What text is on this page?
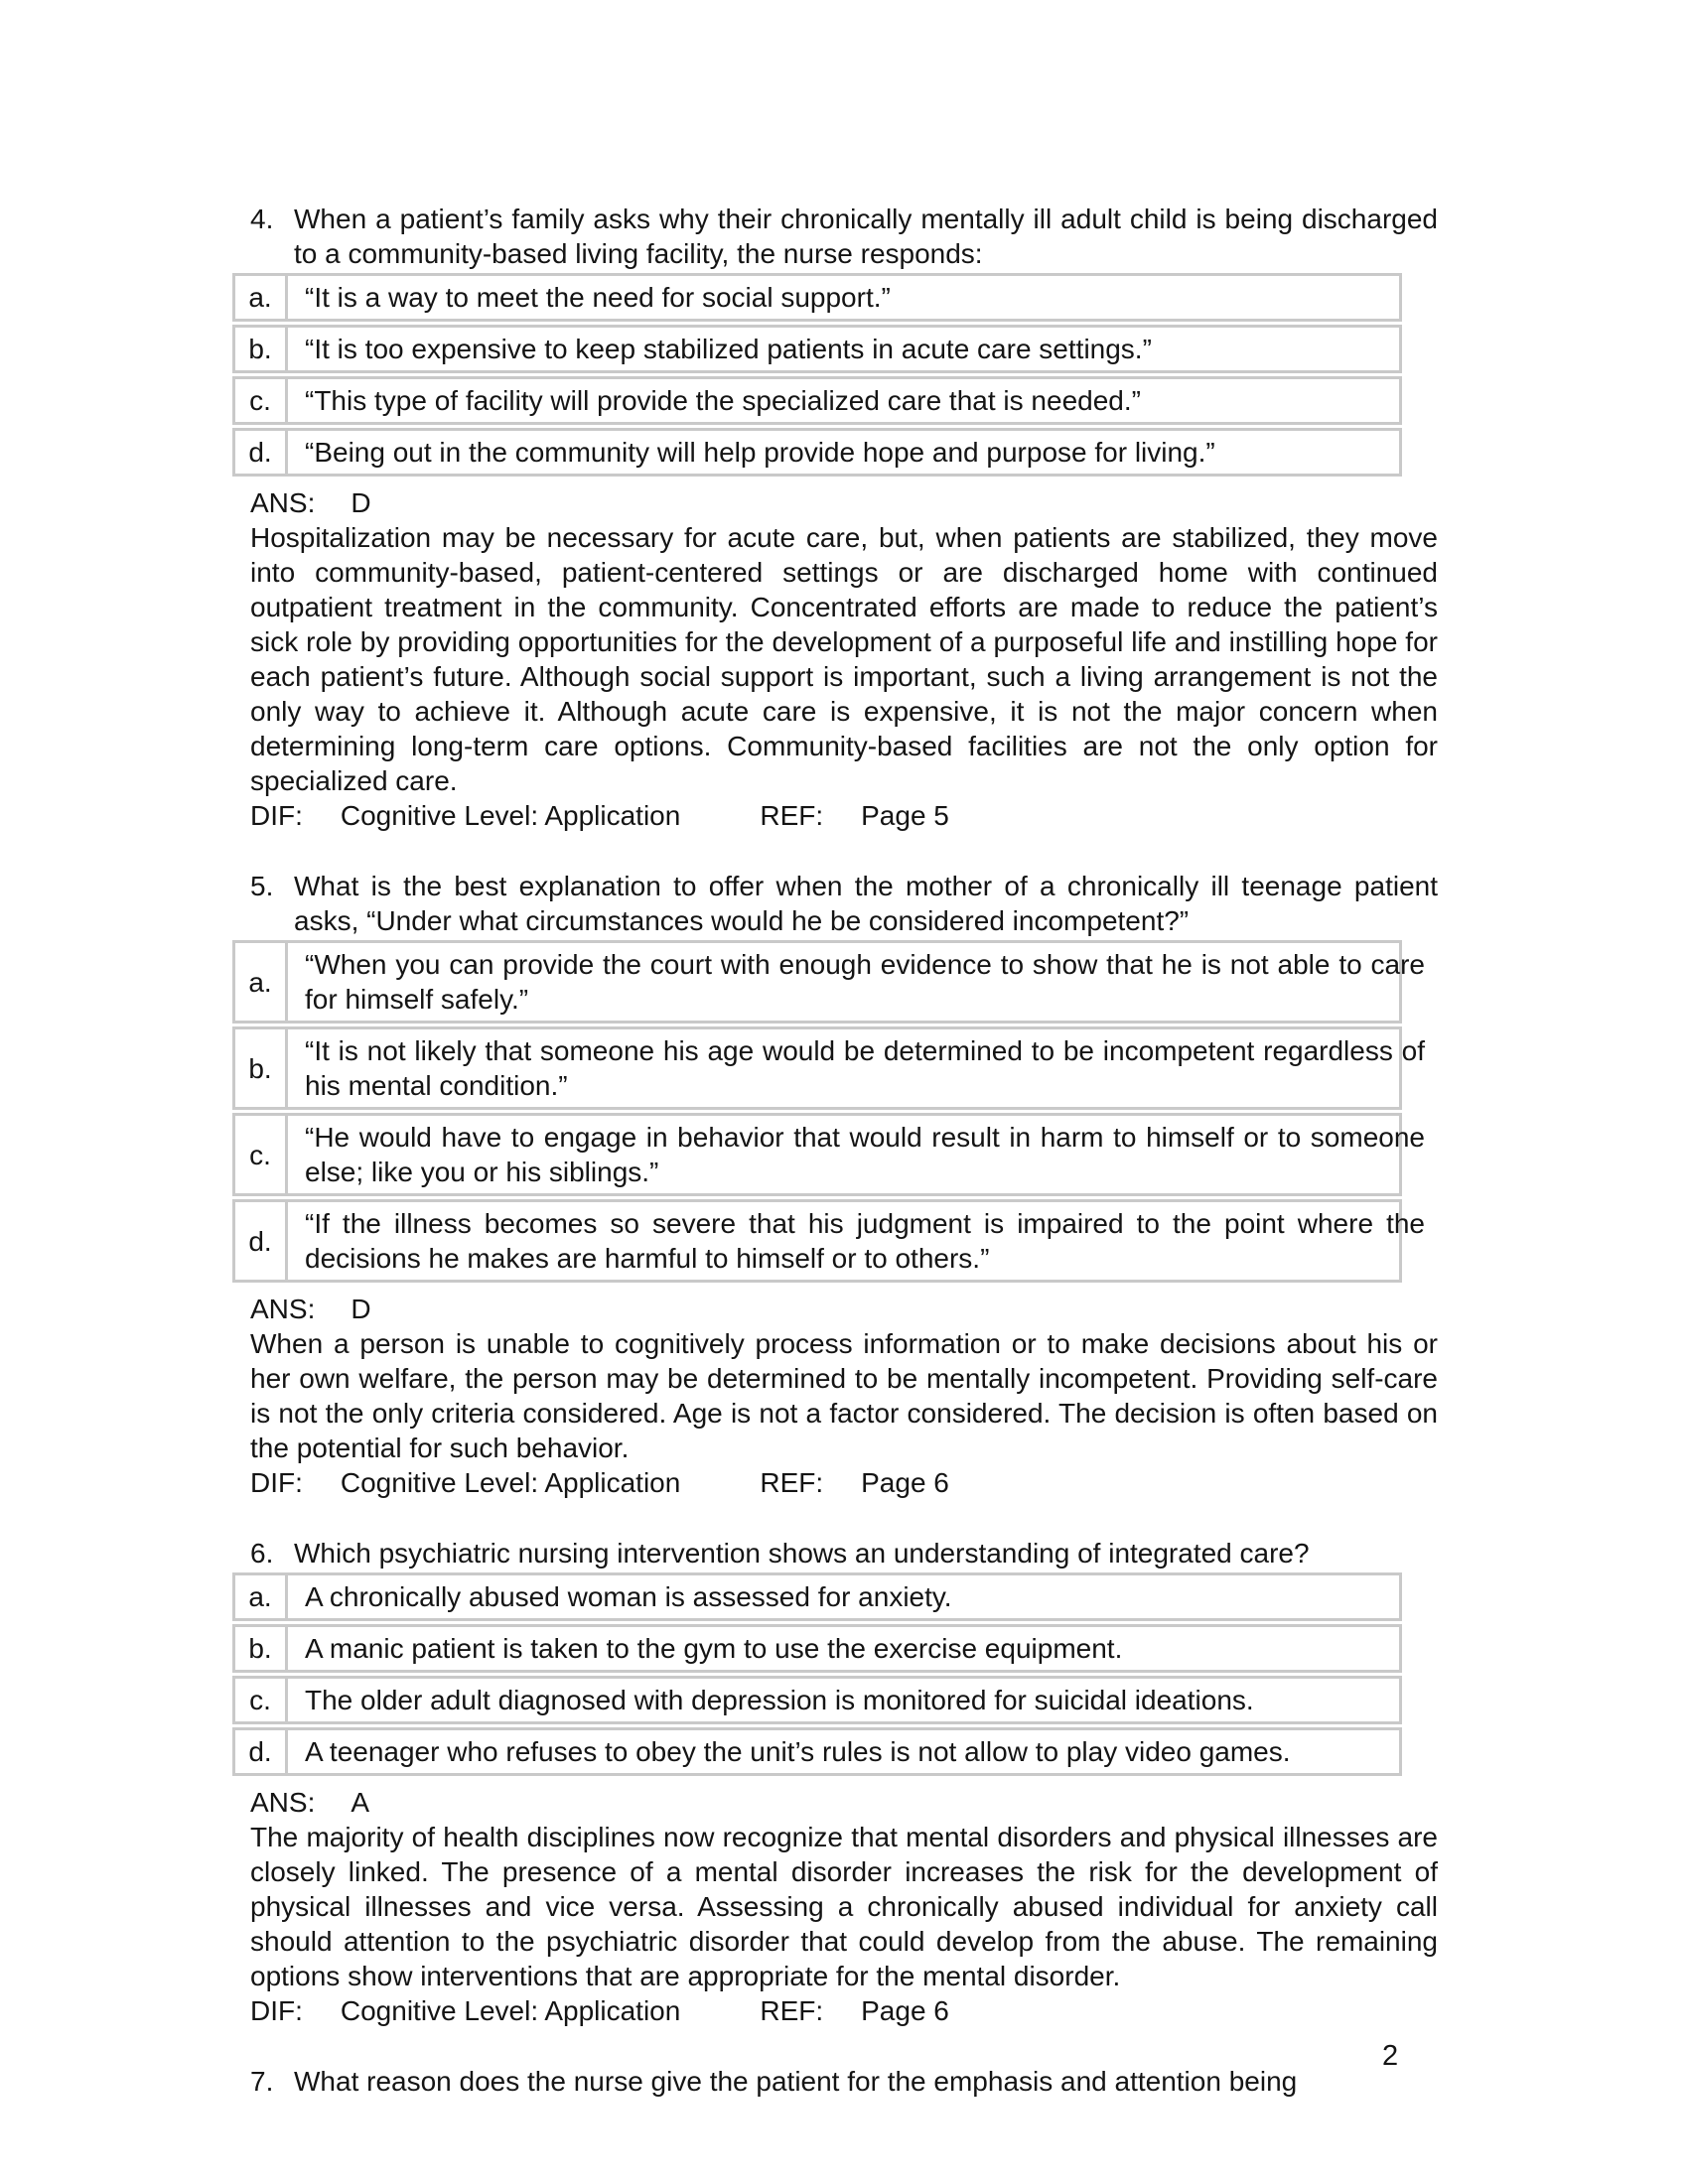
4. When a patient’s family asks why their chronically mentally ill adult child is being discharged to a community-based living facility, the nurse responds:
a.	“It is a way to meet the need for social support.”
b.	“It is too expensive to keep stabilized patients in acute care settings.”
c.	“This type of facility will provide the specialized care that is needed.”
d.	“Being out in the community will help provide hope and purpose for living.”
ANS: D
Hospitalization may be necessary for acute care, but, when patients are stabilized, they move into community-based, patient-centered settings or are discharged home with continued outpatient treatment in the community. Concentrated efforts are made to reduce the patient’s sick role by providing opportunities for the development of a purposeful life and instilling hope for each patient’s future. Although social support is important, such a living arrangement is not the only way to achieve it. Although acute care is expensive, it is not the major concern when determining long-term care options. Community-based facilities are not the only option for specialized care.
DIF: Cognitive Level: Application	REF: Page 5
5. What is the best explanation to offer when the mother of a chronically ill teenage patient asks, “Under what circumstances would he be considered incompetent?”
a.
“When you can provide the court with enough evidence to show that he is not able to care for himself safely.”
b.
“It is not likely that someone his age would be determined to be incompetent regardless of his mental condition.”
c.
“He would have to engage in behavior that would result in harm to himself or to someone else; like you or his siblings.”
d.
“If the illness becomes so severe that his judgment is impaired to the point where the decisions he makes are harmful to himself or to others.”
ANS: D
When a person is unable to cognitively process information or to make decisions about his or her own welfare, the person may be determined to be mentally incompetent. Providing self-care is not the only criteria considered. Age is not a factor considered. The decision is often based on the potential for such behavior.
DIF: Cognitive Level: Application	REF: Page 6
6. Which psychiatric nursing intervention shows an understanding of integrated care?
a.	A chronically abused woman is assessed for anxiety.
b.	A manic patient is taken to the gym to use the exercise equipment.
c.	The older adult diagnosed with depression is monitored for suicidal ideations.
d.	A teenager who refuses to obey the unit’s rules is not allow to play video games.
ANS: A
The majority of health disciplines now recognize that mental disorders and physical illnesses are closely linked. The presence of a mental disorder increases the risk for the development of physical illnesses and vice versa. Assessing a chronically abused individual for anxiety call should attention to the psychiatric disorder that could develop from the abuse. The remaining options show interventions that are appropriate for the mental disorder.
DIF: Cognitive Level: Application	REF: Page 6
7. What reason does the nurse give the patient for the emphasis and attention being
2
